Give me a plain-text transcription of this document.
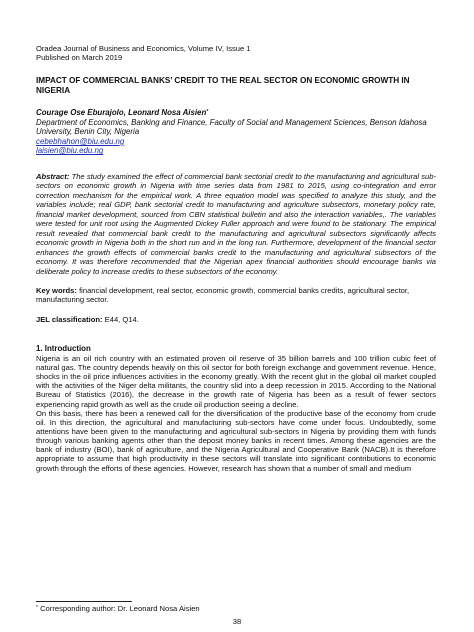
Oradea Journal of Business and Economics, Volume IV, Issue 1
Published on March 2019
IMPACT OF COMMERCIAL BANKS’ CREDIT TO THE REAL SECTOR ON ECONOMIC GROWTH IN NIGERIA
Courage Ose Eburajolo, Leonard Nosa Aisien*
Department of Economics, Banking and Finance, Faculty of Social and Management Sciences, Benson Idahosa University, Benin City, Nigeria
cebebhahon@biu.edu.ng
laisien@biu.edu.ng
Abstract: The study examined the effect of commercial bank sectorial credit to the manufacturing and agricultural sub-sectors on economic growth in Nigeria with time series data from 1981 to 2015, using co-integration and error correction mechanism for the empirical work. A three equation model was specified to analyze this study, and the variables include; real GDP, bank sectorial credit to manufacturing and agriculture subsectors, monetary policy rate, financial market development, sourced from CBN statistical bulletin and also the interaction variables,. The variables were tested for unit root using the Augmented Dickey Fuller approach and were found to be stationary. The empirical result revealed that commercial bank credit to the manufacturing and agricultural subsectors significantly affects economic growth in Nigeria both in the short run and in the long run. Furthermore, development of the financial sector enhances the growth effects of commercial banks credit to the manufacturing and agricultural subsectors of the economy. It was therefore recommended that the Nigerian apex financial authorities should encourage banks via deliberate policy to increase credits to these subsectors of the economy.
Key words: financial development, real sector, economic growth, commercial banks credits, agricultural sector, manufacturing sector.
JEL classification: E44, Q14.
1. Introduction

Nigeria is an oil rich country with an estimated proven oil reserve of 35 billion barrels and 100 trillion cubic feet of natural gas. The country depends heavily on this oil sector for both foreign exchange and government revenue. Hence, shocks in the oil price influences activities in the economy greatly. With the recent glut in the global oil market coupled with the activities of the Niger delta militants, the country slid into a deep recession in 2015. According to the National Bureau of Statistics (2016), the decrease in the growth rate of Nigeria has been as a result of fewer sectors experiencing rapid growth as well as the crude oil production seeing a decline.

On this basis, there has been a renewed call for the diversification of the productive base of the economy from crude oil. In this direction, the agricultural and manufacturing sub-sectors have come under focus. Undoubtedly, some attentions have been given to the manufacturing and agricultural sub-sectors in Nigeria by providing them with funds through various banking agents other than the deposit money banks in recent times. Among these agencies are the bank of industry (BOI), bank of agriculture, and the Nigeria Agricultural and Cooperative Bank (NACB).It is therefore appropriate to assume that high productivity in these sectors will translate into significant contributions to economic growth through the efforts of these agencies. However, research has shown that a number of small and medium

* Corresponding author: Dr. Leonard Nosa Aisien
38
